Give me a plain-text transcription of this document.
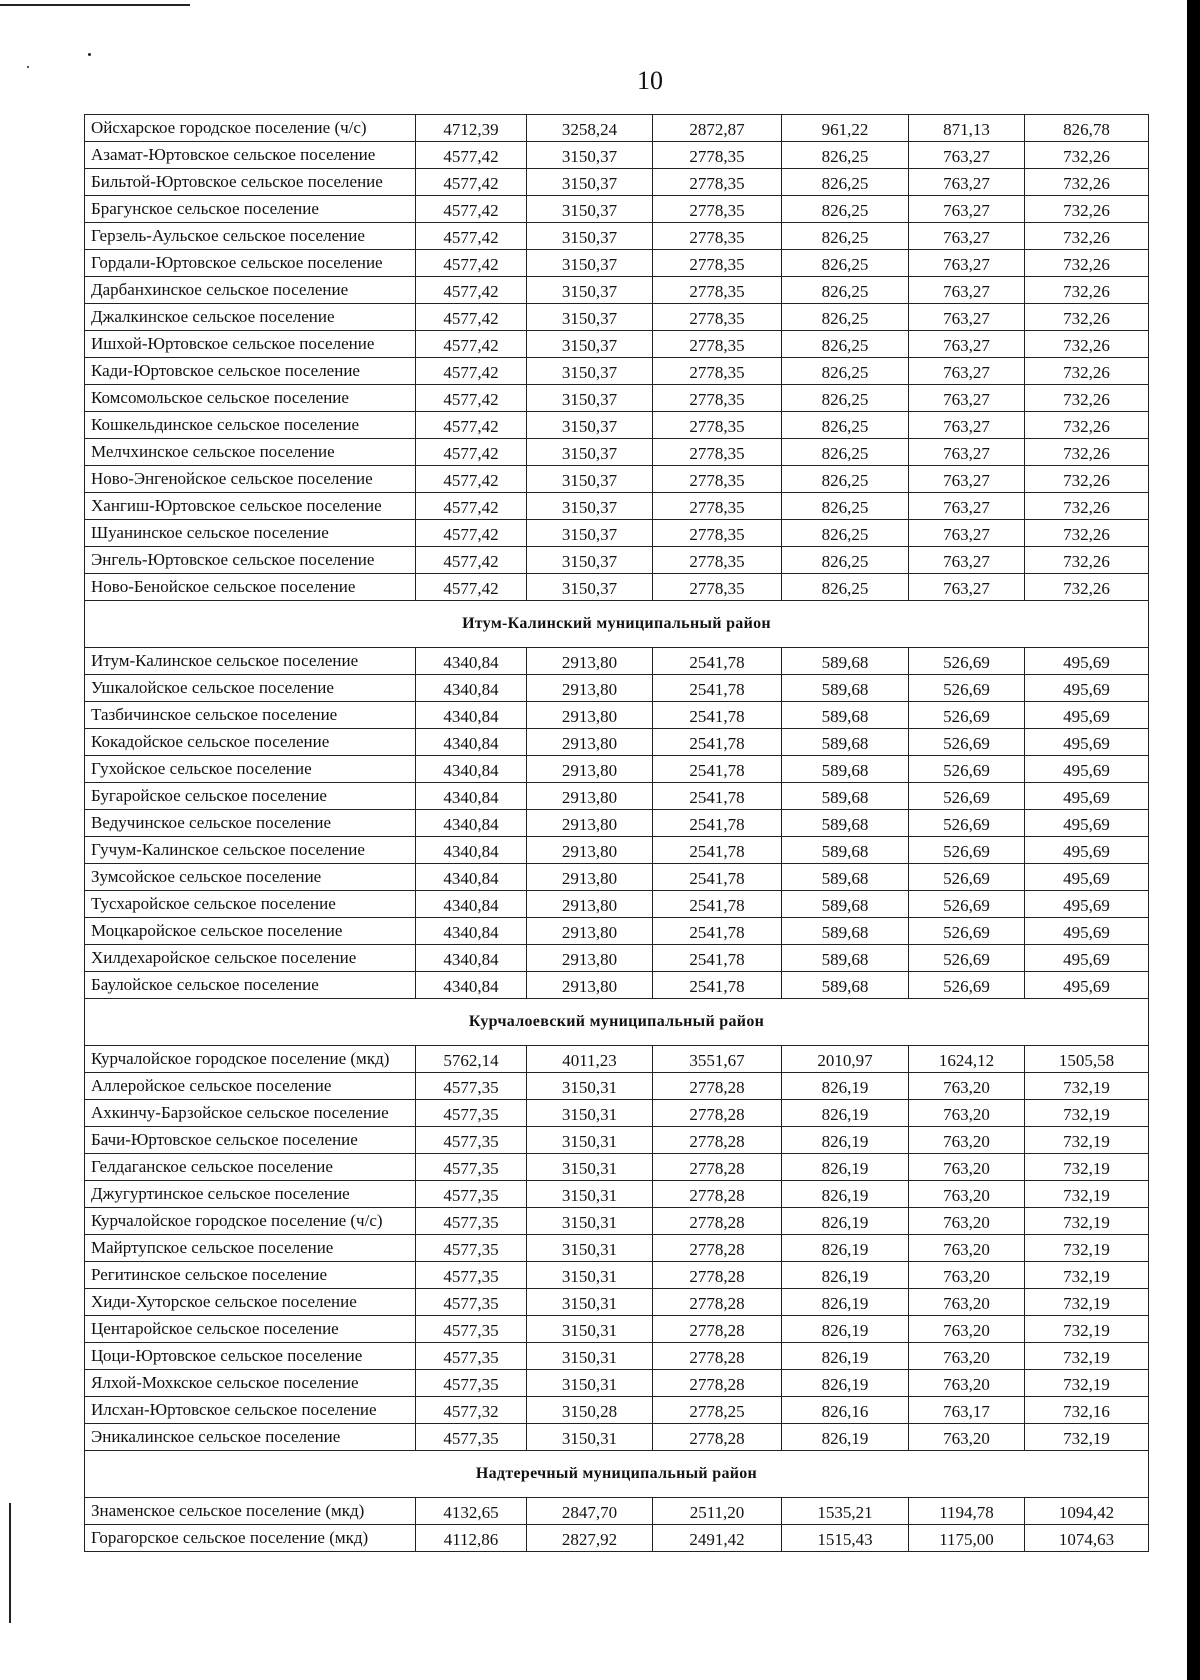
10
Ойсхарское городское поселение (ч/с)	4712,39	3258,24	2872,87	961,22	871,13	826,78
Азамат-Юртовское сельское поселение	4577,42	3150,37	2778,35	826,25	763,27	732,26
Бильтой-Юртовское сельское поселение	4577,42	3150,37	2778,35	826,25	763,27	732,26
Брагунское сельское поселение	4577,42	3150,37	2778,35	826,25	763,27	732,26
Герзель-Аульское сельское поселение	4577,42	3150,37	2778,35	826,25	763,27	732,26
Гордали-Юртовское сельское поселение	4577,42	3150,37	2778,35	826,25	763,27	732,26
Дарбанхинское сельское поселение	4577,42	3150,37	2778,35	826,25	763,27	732,26
Джалкинское сельское поселение	4577,42	3150,37	2778,35	826,25	763,27	732,26
Ишхой-Юртовское сельское поселение	4577,42	3150,37	2778,35	826,25	763,27	732,26
Кади-Юртовское сельское поселение	4577,42	3150,37	2778,35	826,25	763,27	732,26
Комсомольское сельское поселение	4577,42	3150,37	2778,35	826,25	763,27	732,26
Кошкельдинское сельское поселение	4577,42	3150,37	2778,35	826,25	763,27	732,26
Мелчхинское сельское поселение	4577,42	3150,37	2778,35	826,25	763,27	732,26
Ново-Энгенойское сельское поселение	4577,42	3150,37	2778,35	826,25	763,27	732,26
Хангиш-Юртовское сельское поселение	4577,42	3150,37	2778,35	826,25	763,27	732,26
Шуанинское сельское поселение	4577,42	3150,37	2778,35	826,25	763,27	732,26
Энгель-Юртовское сельское поселение	4577,42	3150,37	2778,35	826,25	763,27	732,26
Ново-Бенойское сельское поселение	4577,42	3150,37	2778,35	826,25	763,27	732,26
Итум-Калинский муниципальный район						
Итум-Калинское сельское поселение	4340,84	2913,80	2541,78	589,68	526,69	495,69
Ушкалойское сельское поселение	4340,84	2913,80	2541,78	589,68	526,69	495,69
Тазбичинское сельское поселение	4340,84	2913,80	2541,78	589,68	526,69	495,69
Кокадойское сельское поселение	4340,84	2913,80	2541,78	589,68	526,69	495,69
Гухойское сельское поселение	4340,84	2913,80	2541,78	589,68	526,69	495,69
Бугаройское сельское поселение	4340,84	2913,80	2541,78	589,68	526,69	495,69
Ведучинское сельское поселение	4340,84	2913,80	2541,78	589,68	526,69	495,69
Гучум-Калинское сельское поселение	4340,84	2913,80	2541,78	589,68	526,69	495,69
Зумсойское сельское поселение	4340,84	2913,80	2541,78	589,68	526,69	495,69
Тусхаройское сельское поселение	4340,84	2913,80	2541,78	589,68	526,69	495,69
Моцкаройское сельское поселение	4340,84	2913,80	2541,78	589,68	526,69	495,69
Хилдехаройское сельское поселение	4340,84	2913,80	2541,78	589,68	526,69	495,69
Баулойское сельское поселение	4340,84	2913,80	2541,78	589,68	526,69	495,69
Курчалоевский муниципальный район						
Курчалойское городское поселение (мкд)	5762,14	4011,23	3551,67	2010,97	1624,12	1505,58
Аллеройское сельское поселение	4577,35	3150,31	2778,28	826,19	763,20	732,19
Ахкинчу-Барзойское сельское поселение	4577,35	3150,31	2778,28	826,19	763,20	732,19
Бачи-Юртовское сельское поселение	4577,35	3150,31	2778,28	826,19	763,20	732,19
Гелдаганское сельское поселение	4577,35	3150,31	2778,28	826,19	763,20	732,19
Джугуртинское сельское поселение	4577,35	3150,31	2778,28	826,19	763,20	732,19
Курчалойское городское поселение (ч/с)	4577,35	3150,31	2778,28	826,19	763,20	732,19
Майртупское сельское поселение	4577,35	3150,31	2778,28	826,19	763,20	732,19
Регитинское сельское поселение	4577,35	3150,31	2778,28	826,19	763,20	732,19
Хиди-Хуторское сельское поселение	4577,35	3150,31	2778,28	826,19	763,20	732,19
Центаройское сельское поселение	4577,35	3150,31	2778,28	826,19	763,20	732,19
Цоци-Юртовское сельское поселение	4577,35	3150,31	2778,28	826,19	763,20	732,19
Ялхой-Мохкское сельское поселение	4577,35	3150,31	2778,28	826,19	763,20	732,19
Илсхан-Юртовское сельское поселение	4577,32	3150,28	2778,25	826,16	763,17	732,16
Эникалинское сельское поселение	4577,35	3150,31	2778,28	826,19	763,20	732,19
Надтеречный муниципальный район						
Знаменское сельское поселение (мкд)	4132,65	2847,70	2511,20	1535,21	1194,78	1094,42
Горагорское сельское поселение (мкд)	4112,86	2827,92	2491,42	1515,43	1175,00	1074,63
